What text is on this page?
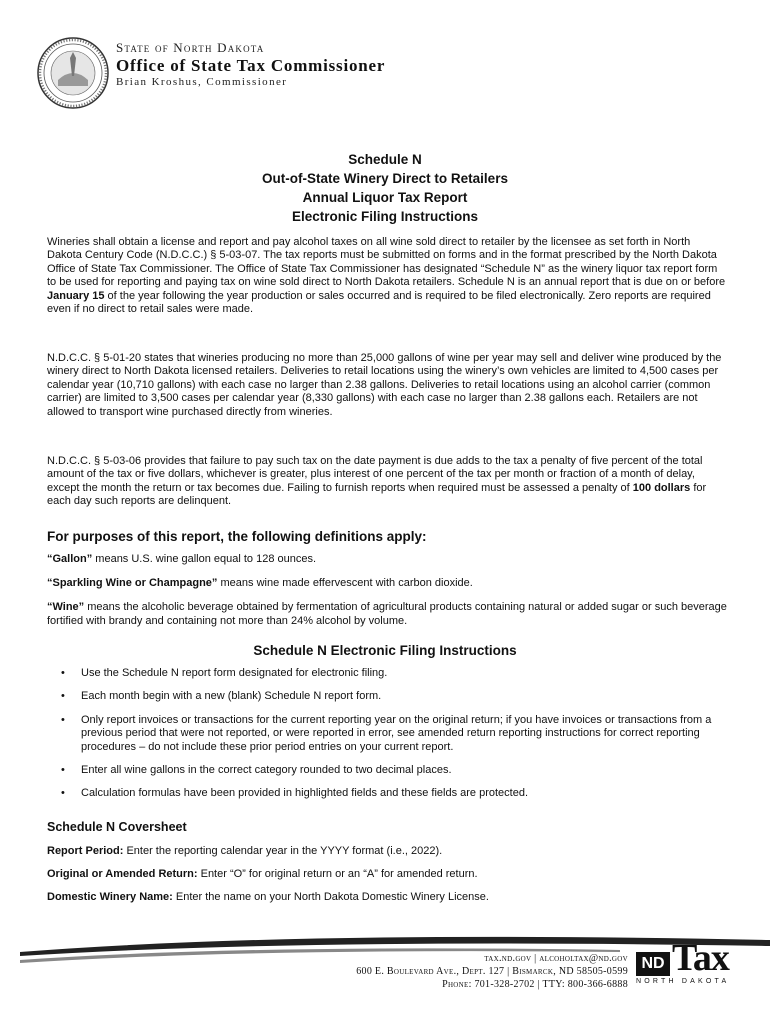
State of North Dakota
Office of State Tax Commissioner
Brian Kroshus, Commissioner
Schedule N
Out-of-State Winery Direct to Retailers
Annual Liquor Tax Report
Electronic Filing Instructions

Wineries shall obtain a license and report and pay alcohol taxes on all wine sold direct to retailer by the licensee as set forth in North Dakota Century Code (N.D.C.C.) § 5-03-07. The tax reports must be submitted on forms and in the format prescribed by the North Dakota Office of State Tax Commissioner. The Office of State Tax Commissioner has designated “Schedule N” as the winery liquor tax report form to be used for reporting and paying tax on wine sold direct to North Dakota retailers. Schedule N is an annual report that is due on or before January 15 of the year following the year production or sales occurred and is required to be filed electronically. Zero reports are required even if no direct to retail sales were made.

N.D.C.C. § 5-01-20 states that wineries producing no more than 25,000 gallons of wine per year may sell and deliver wine produced by the winery direct to North Dakota licensed retailers. Deliveries to retail locations using the winery’s own vehicles are limited to 4,500 cases per calendar year (10,710 gallons) with each case no larger than 2.38 gallons. Deliveries to retail locations using an alcohol carrier (common carrier) are limited to 3,500 cases per calendar year (8,330 gallons) with each case no larger than 2.38 gallons each. Retailers are not allowed to transport wine purchased directly from wineries.

N.D.C.C. § 5-03-06 provides that failure to pay such tax on the date payment is due adds to the tax a penalty of five percent of the total amount of the tax or five dollars, whichever is greater, plus interest of one percent of the tax per month or fraction of a month of delay, except the month the return or tax becomes due. Failing to furnish reports when required must be assessed a penalty of 100 dollars for each day such reports are delinquent.

For purposes of this report, the following definitions apply:
“Gallon” means U.S. wine gallon equal to 128 ounces.
“Sparkling Wine or Champagne” means wine made effervescent with carbon dioxide.
“Wine” means the alcoholic beverage obtained by fermentation of agricultural products containing natural or added sugar or such beverage fortified with brandy and containing not more than 24% alcohol by volume.
Schedule N Electronic Filing Instructions
• Use the Schedule N report form designated for electronic filing.
• Each month begin with a new (blank) Schedule N report form.
• Only report invoices or transactions for the current reporting year on the original return; if you have invoices or transactions from a previous period that were not reported, or were reported in error, see amended return reporting instructions for correct reporting procedures – do not include these prior period entries on your current report.
• Enter all wine gallons in the correct category rounded to two decimal places.
• Calculation formulas have been provided in highlighted fields and these fields are protected.
Schedule N Coversheet
Report Period: Enter the reporting calendar year in the YYYY format (i.e., 2022).
Original or Amended Return: Enter “O” for original return or an “A” for amended return.
Domestic Winery Name: Enter the name on your North Dakota Domestic Winery License.
tax.nd.gov | alcoholtax@nd.gov
600 E. Boulevard Ave., Dept. 127 | Bismarck, ND 58505-0599
Phone: 701-328-2702 | TTY: 800-366-6888
ND Tax
NORTH DAKOTA
